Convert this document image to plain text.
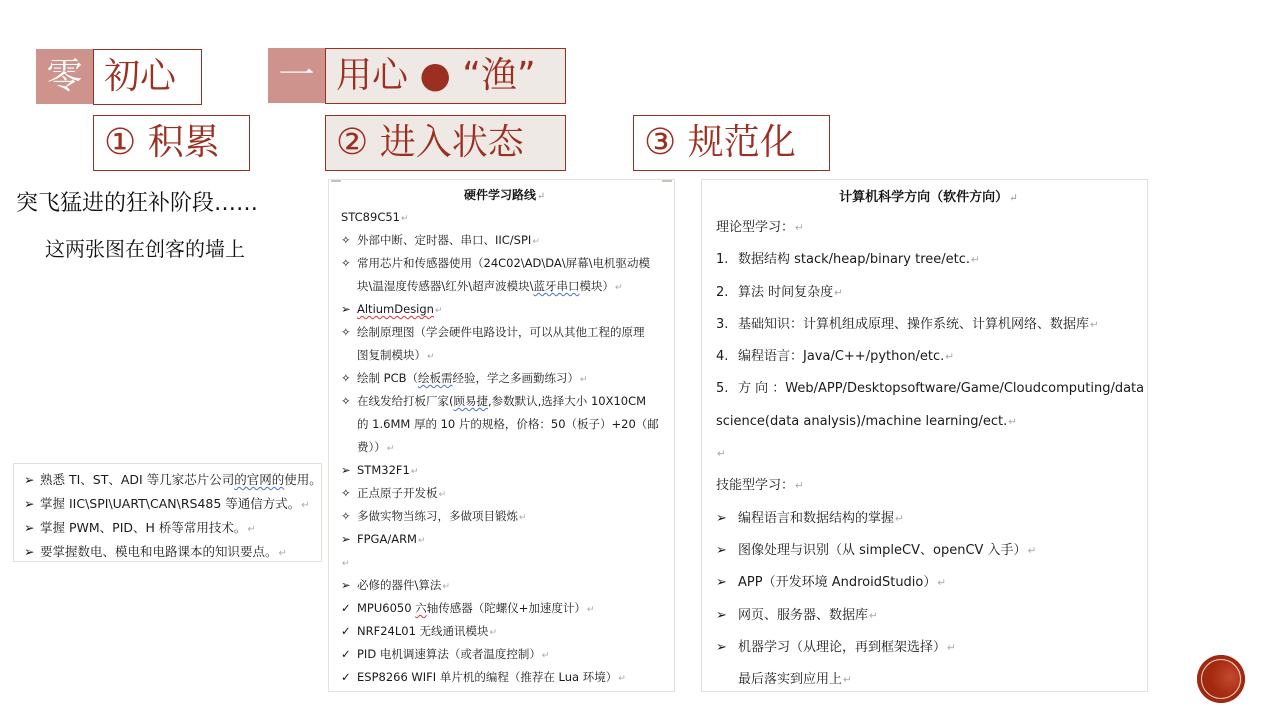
零 初心	一 用心 ● “渔”
① 积累	② 进入状态	③ 规范化
突飞猛进的狂补阶段……
这两张图在创客的墙上
➢ 熟悉 TI、ST、ADI 等几家芯片公司的官网的使用。
➢ 掌握 IIC\SPI\UART\CAN\RS485 等通信方式。↵
➢ 掌握 PWM、PID、H 桥等常用技术。↵
➢ 要掌握数电、模电和电路课本的知识要点。↵
硬件学习路线↵
STC89C51↵
✧ 外部中断、定时器、串口、IIC/SPI↵
✧ 常用芯片和传感器使用（24C02\AD\DA\屏幕\电机驱动模
块\温湿度传感器\红外\超声波模块\蓝牙串口模块）↵
➢ AltiumDesign↵
✧ 绘制原理图（学会硬件电路设计，可以从其他工程的原理
图复制模块）↵
✧ 绘制 PCB（绘板需经验，学之多画勤练习）↵
✧ 在线发给打板厂家(顾易捷,参数默认,选择大小 10X10CM
的 1.6MM 厚的 10 片的规格，价格：50（板子）+20（邮
费））↵
➢ STM32F1↵
✧ 正点原子开发板↵
✧ 多做实物当练习，多做项目锻炼↵
➢ FPGA/ARM↵
↵
➢ 必修的器件\算法↵
✓ MPU6050 六轴传感器（陀螺仪+加速度计）↵
✓ NRF24L01 无线通讯模块↵
✓ PID 电机调速算法（或者温度控制）↵
✓ ESP8266 WIFI 单片机的编程（推荐在 Lua 环境）↵
计算机科学方向（软件方向）↵
理论型学习：↵
1. 数据结构 stack/heap/binary tree/etc.↵
2. 算法 时间复杂度↵
3. 基础知识：计算机组成原理、操作系统、计算机网络、数据库↵
4. 编程语言：Java/C++/python/etc.↵
5. 方 向 ： Web/APP/Desktop software/Game/Cloud computing/data
science(data analysis)/machine learning/ect.↵
↵
技能型学习：↵
➢ 编程语言和数据结构的掌握↵
➢ 图像处理与识别（从 simpleCV、openCV 入手）↵
➢ APP（开发环境 AndroidStudio）↵
➢ 网页、服务器、数据库↵
➢ 机器学习（从理论，再到框架选择）↵
最后落实到应用上↵
